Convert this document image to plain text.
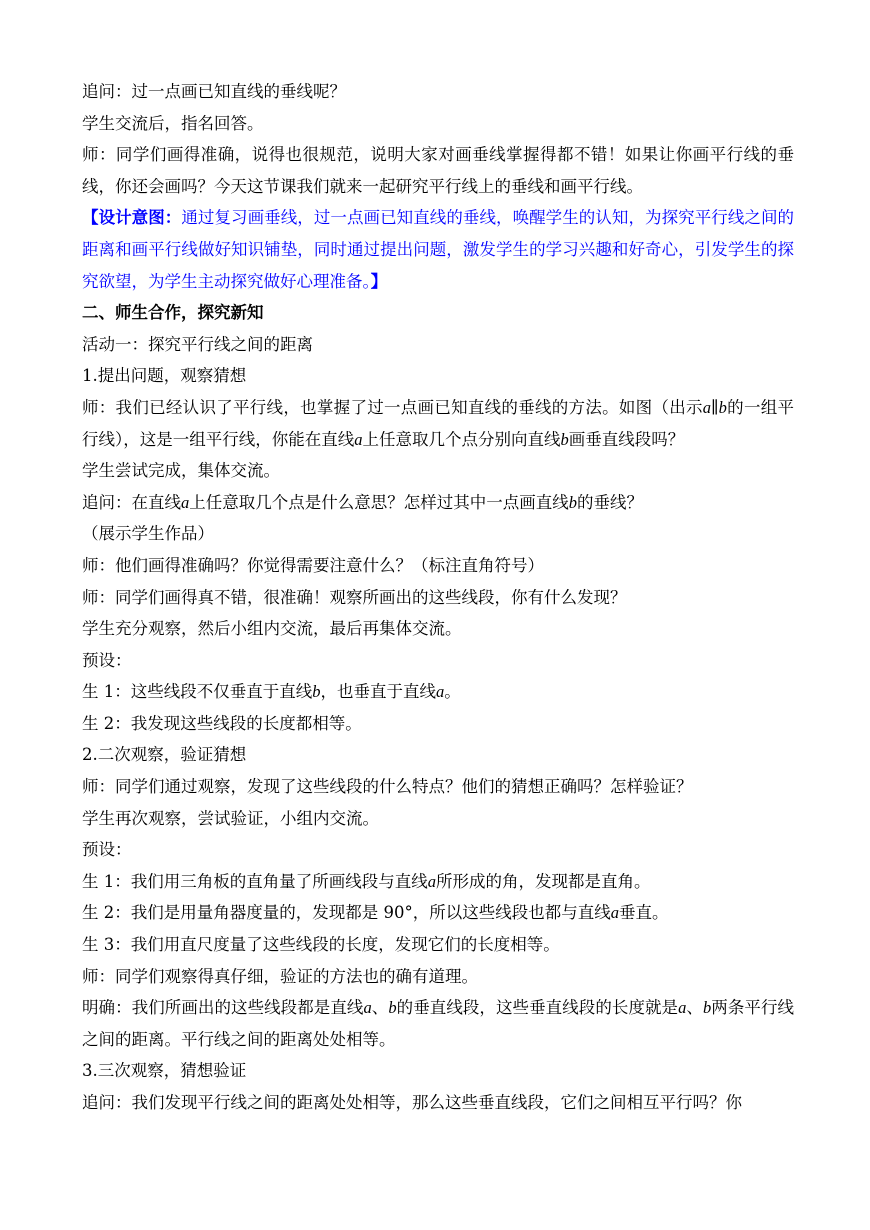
追问：过一点画已知直线的垂线呢？

学生交流后，指名回答。

师：同学们画得准确，说得也很规范，说明大家对画垂线掌握得都不错！如果让你画平行线的垂线，你还会画吗？今天这节课我们就来一起研究平行线上的垂线和画平行线。

【设计意图：通过复习画垂线，过一点画已知直线的垂线，唤醒学生的认知，为探究平行线之间的距离和画平行线做好知识铺垫，同时通过提出问题，激发学生的学习兴趣和好奇心，引发学生的探究欲望，为学生主动探究做好心理准备。】

二、师生合作，探究新知

活动一：探究平行线之间的距离

1.提出问题，观察猜想

师：我们已经认识了平行线，也掌握了过一点画已知直线的垂线的方法。如图（出示a∥b的一组平行线），这是一组平行线，你能在直线a上任意取几个点分别向直线b画垂直线段吗？

学生尝试完成，集体交流。

追问：在直线a上任意取几个点是什么意思？怎样过其中一点画直线b的垂线？

（展示学生作品）

师：他们画得准确吗？你觉得需要注意什么？（标注直角符号）

师：同学们画得真不错，很准确！观察所画出的这些线段，你有什么发现？

学生充分观察，然后小组内交流，最后再集体交流。

预设：

生 1：这些线段不仅垂直于直线b，也垂直于直线a。

生 2：我发现这些线段的长度都相等。

2.二次观察，验证猜想

师：同学们通过观察，发现了这些线段的什么特点？他们的猜想正确吗？怎样验证？

学生再次观察，尝试验证，小组内交流。

预设：

生 1：我们用三角板的直角量了所画线段与直线a所形成的角，发现都是直角。

生 2：我们是用量角器度量的，发现都是 90°，所以这些线段也都与直线a垂直。

生 3：我们用直尺度量了这些线段的长度，发现它们的长度相等。

师：同学们观察得真仔细，验证的方法也的确有道理。

明确：我们所画出的这些线段都是直线a、b的垂直线段，这些垂直线段的长度就是a、b两条平行线之间的距离。平行线之间的距离处处相等。

3.三次观察，猜想验证

追问：我们发现平行线之间的距离处处相等，那么这些垂直线段，它们之间相互平行吗？你
